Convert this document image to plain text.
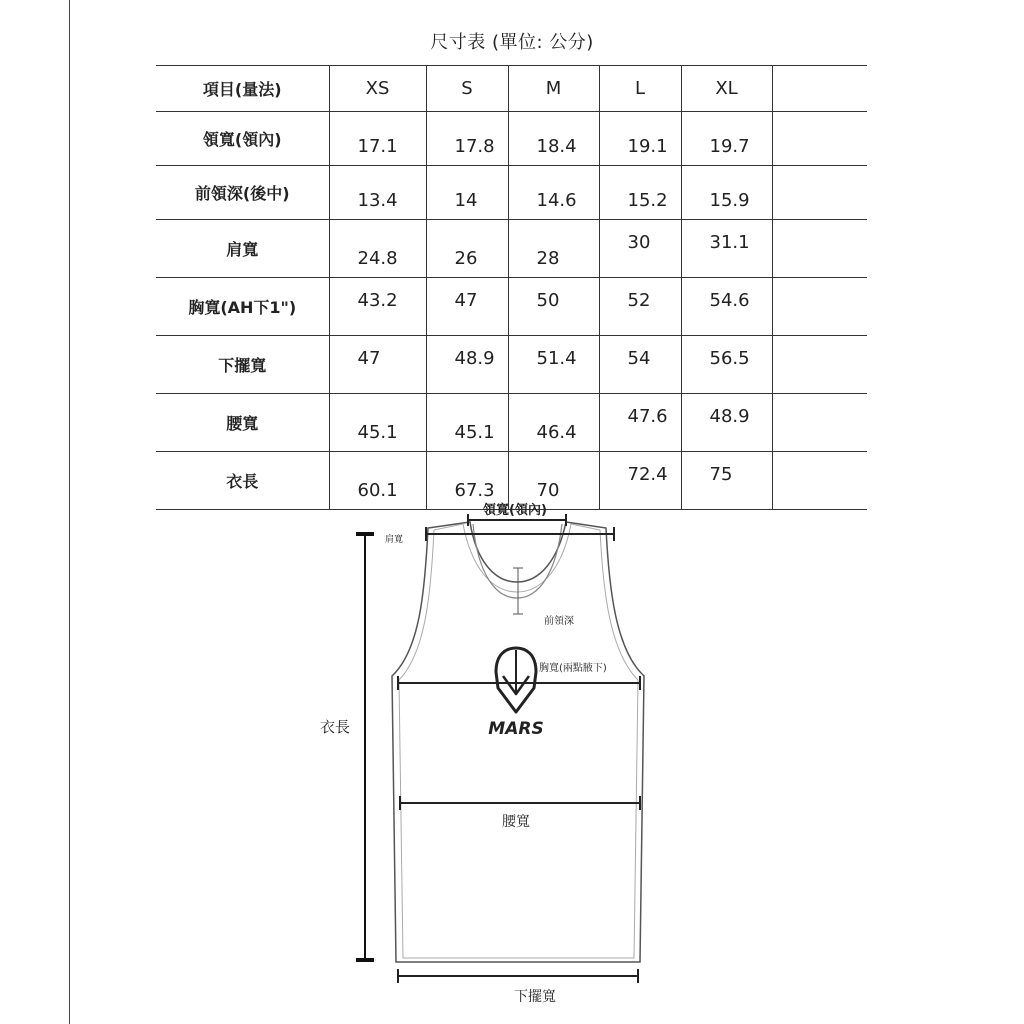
尺寸表 (單位: 公分)
項目(量法)	XS	S	M	L	XL	
領寬(領內)	17.1	17.8	18.4	19.1	19.7	
前領深(後中)	13.4	14	14.6	15.2	15.9	
肩寬	24.8	26	28	30	31.1	
胸寬(AH下1")	43.2	47	50	52	54.6	
下擺寬	47	48.9	51.4	54	56.5	
腰寬	45.1	45.1	46.4	47.6	48.9	
衣長	60.1	67.3	70	72.4	75	
領寬(領內)
肩寬
前領深
胸寬(兩點腋下)
MARS
衣長
腰寬
下擺寬
